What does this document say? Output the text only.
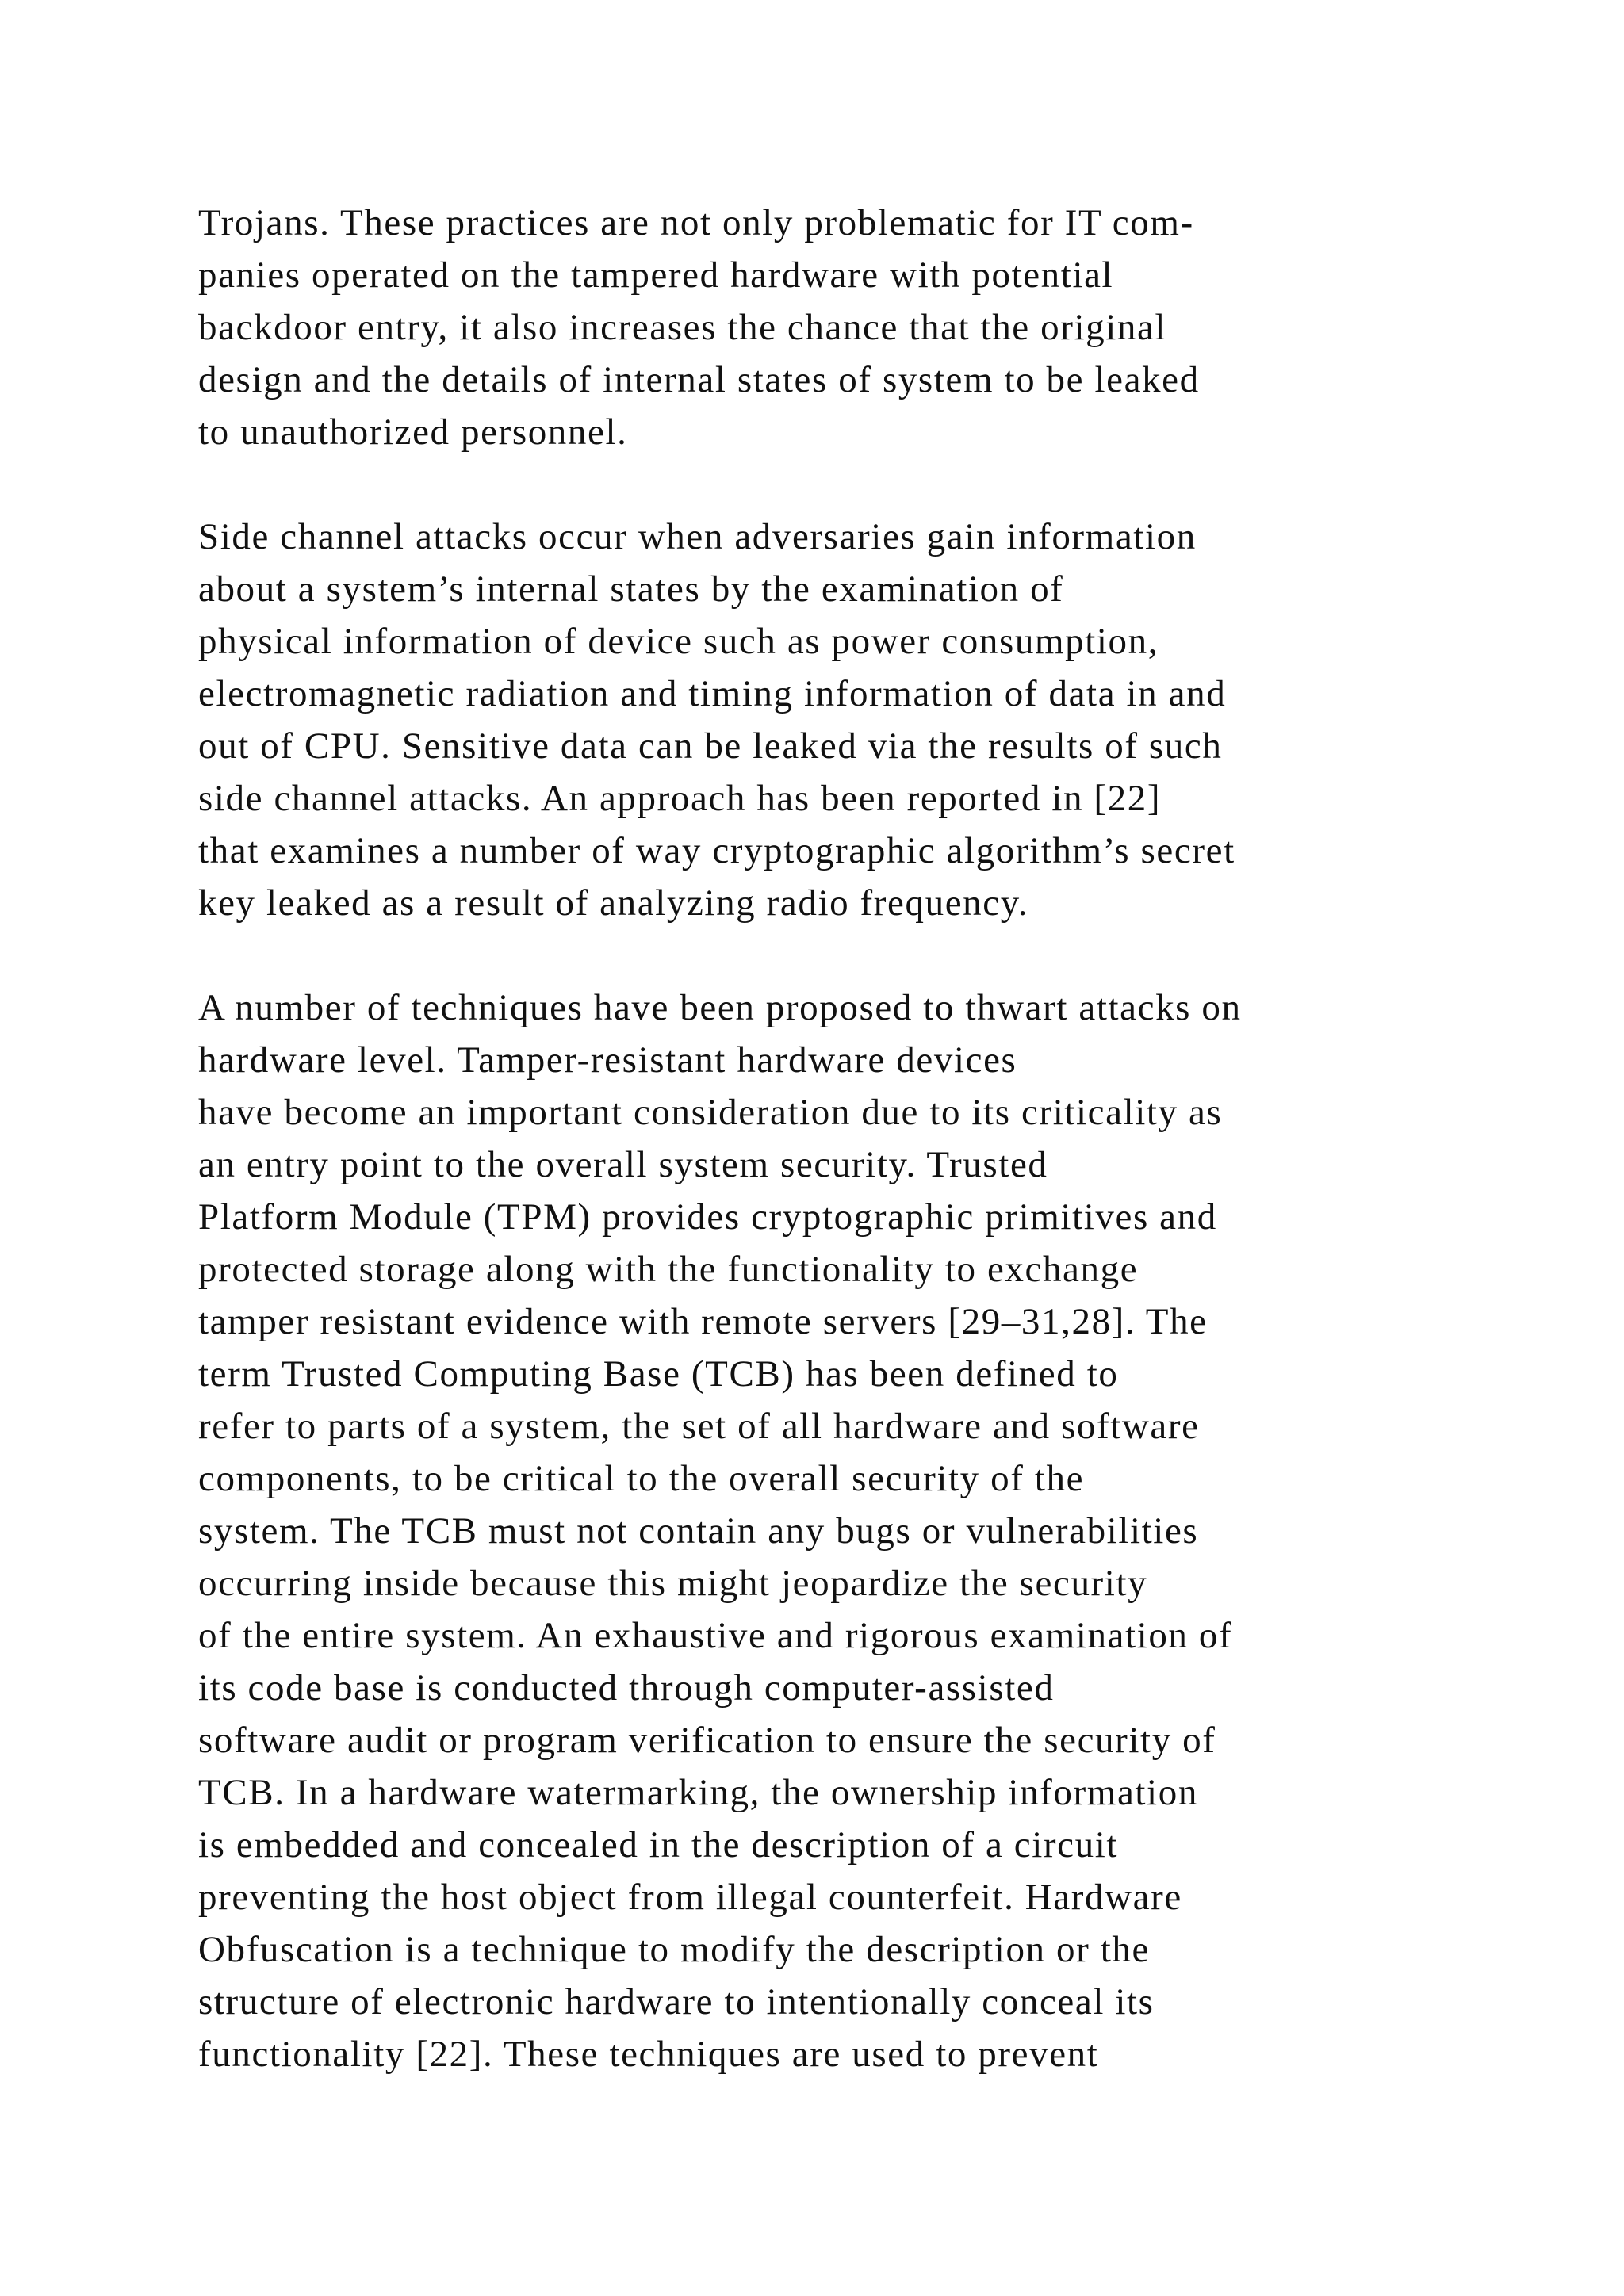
Trojans. These practices are not only problematic for IT com-
panies operated on the tampered hardware with potential
backdoor entry, it also increases the chance that the original
design and the details of internal states of system to be leaked
to unauthorized personnel.

Side channel attacks occur when adversaries gain information
about a system’s internal states by the examination of
physical information of device such as power consumption,
electromagnetic radiation and timing information of data in and
out of CPU. Sensitive data can be leaked via the results of such
side channel attacks. An approach has been reported in [22]
that examines a number of way cryptographic algorithm’s secret
key leaked as a result of analyzing radio frequency.

A number of techniques have been proposed to thwart attacks on
hardware level. Tamper-resistant hardware devices
have become an important consideration due to its criticality as
an entry point to the overall system security. Trusted
Platform Module (TPM) provides cryptographic primitives and
protected storage along with the functionality to exchange
tamper resistant evidence with remote servers [29–31,28]. The
term Trusted Computing Base (TCB) has been defined to
refer to parts of a system, the set of all hardware and software
components, to be critical to the overall security of the
system. The TCB must not contain any bugs or vulnerabilities
occurring inside because this might jeopardize the security
of the entire system. An exhaustive and rigorous examination of
its code base is conducted through computer-assisted
software audit or program verification to ensure the security of
TCB. In a hardware watermarking, the ownership information
is embedded and concealed in the description of a circuit
preventing the host object from illegal counterfeit. Hardware
Obfuscation is a technique to modify the description or the
structure of electronic hardware to intentionally conceal its
functionality [22]. These techniques are used to prevent
